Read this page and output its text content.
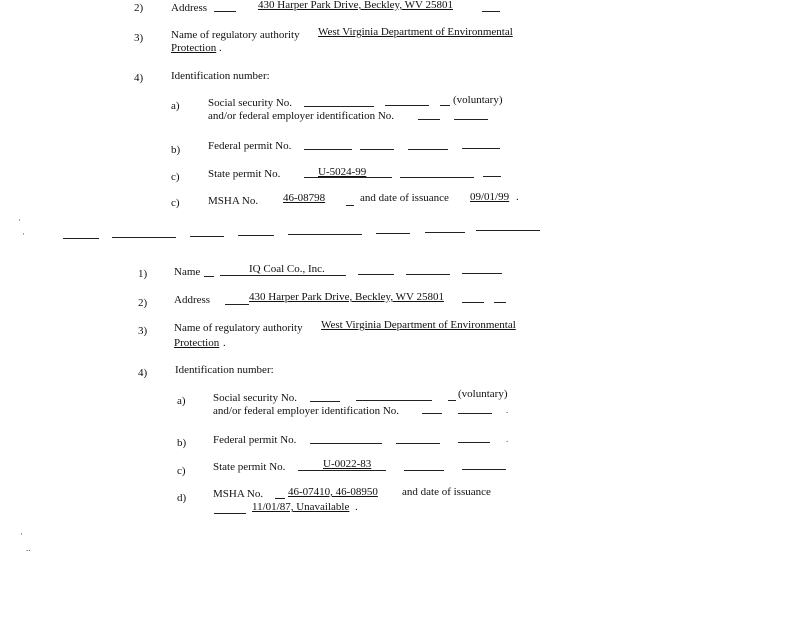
2)	Address	430 Harper Park Drive, Beckley, WV 25801
3)	Name of regulatory authority West Virginia Department of Environmental
Protection .
4)	Identification number:
a)	Social security No.	(voluntary)
and/or federal employer identification No.
b)	Federal permit No.
c)	State permit No.	U-5024-99
c)	MSHA No. 46-08798	and date of issuance 09/01/99 .
·
·
1) Name	IQ Coal Co., Inc.
2) Address	430 Harper Park Drive, Beckley, WV 25801
3) Name of regulatory authority West Virginia Department of Environmental
Protection .
4)	Identification number:
a) Social security No.	(voluntary)
and/or federal employer identification No.	.
b) Federal permit No.	.
c) State permit No.	U-0022-83
d) MSHA No. 46-07410, 46-08950 and date of issuance
11/01/87, Unavailable .
·
..
